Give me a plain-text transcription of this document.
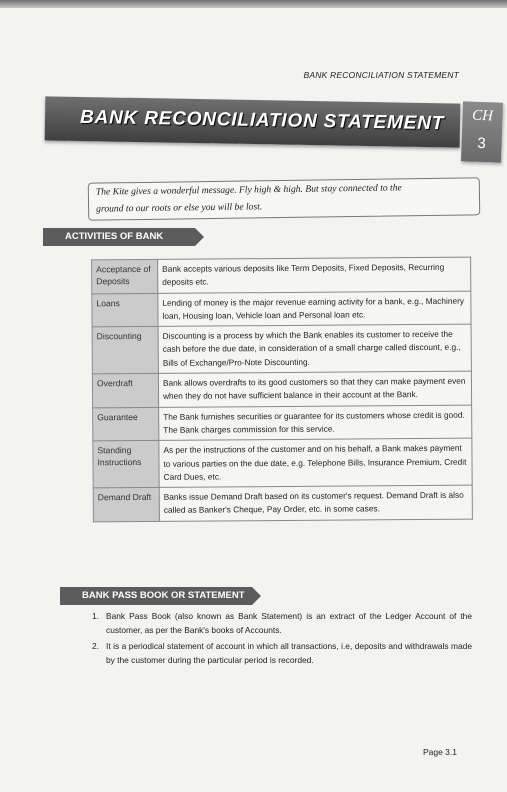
BANK RECONCILIATION STATEMENT
BANK RECONCILIATION STATEMENT	CH
3
The Kite gives a wonderful message. Fly high & high. But stay connected to the
ground to our roots or else you will be lost.
ACTIVITIES OF BANK
Acceptance of Deposits	Bank accepts various deposits like Term Deposits, Fixed Deposits, Recurring deposits etc.
Loans	Lending of money is the major revenue earning activity for a bank, e.g., Machinery loan, Housing loan, Vehicle loan and Personal loan etc.
Discounting	Discounting is a process by which the Bank enables its customer to receive the cash before the due date, in consideration of a small charge called discount, e.g., Bills of Exchange/Pro-Note Discounting.
Overdraft	Bank allows overdrafts to its good customers so that they can make payment even when they do not have sufficient balance in their account at the Bank.
Guarantee	The Bank furnishes securities or guarantee for its customers whose credit is good. The Bank charges commission for this service.
Standing Instructions	As per the instructions of the customer and on his behalf, a Bank makes payment to various parties on the due date, e.g. Telephone Bills, Insurance Premium, Credit Card Dues, etc.
Demand Draft	Banks issue Demand Draft based on its customer's request. Demand Draft is also called as Banker's Cheque, Pay Order, etc. in some cases.
BANK PASS BOOK OR STATEMENT
1. Bank Pass Book (also known as Bank Statement) is an extract of the Ledger Account of the customer, as per the Bank's books of Accounts.
2. It is a periodical statement of account in which all transactions, i.e, deposits and withdrawals made by the customer during the particular period is recorded.
Page 3.1
